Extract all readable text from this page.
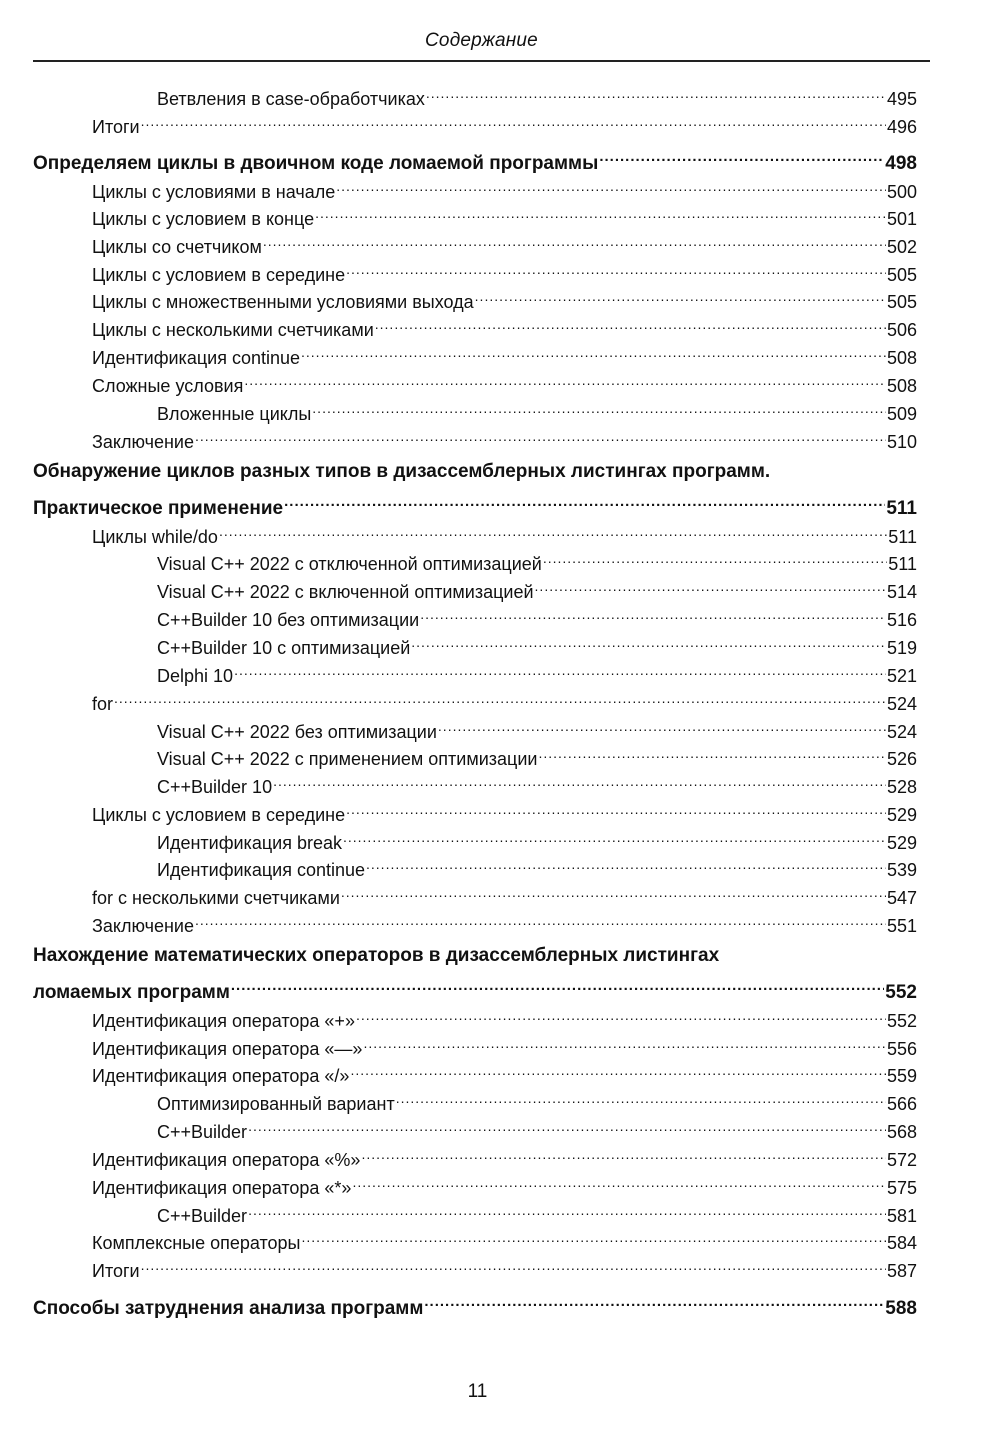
Содержание
Ветвления в case-обработчиках .....	495
Итоги .....	496
Определяем циклы в двоичном коде ломаемой программы .....	498
Циклы с условиями в начале .....	500
Циклы с условием в конце .....	501
Циклы со счетчиком .....	502
Циклы с условием в середине .....	505
Циклы с множественными условиями выхода .....	505
Циклы с несколькими счетчиками .....	506
Идентификация continue .....	508
Сложные условия .....	508
Вложенные циклы .....	509
Заключение .....	510
Обнаружение циклов разных типов в дизассемблерных листингах программ.
Практическое применение .....	511
Циклы while/do .....	511
Visual C++ 2022 с отключенной оптимизацией .....	511
Visual C++ 2022 с включенной оптимизацией .....	514
C++Builder 10 без оптимизации .....	516
C++Builder 10 с оптимизацией .....	519
Delphi 10 .....	521
for .....	524
Visual C++ 2022 без оптимизации .....	524
Visual C++ 2022 с применением оптимизации .....	526
C++Builder 10 .....	528
Циклы с условием в середине .....	529
Идентификация break .....	529
Идентификация continue .....	539
for с несколькими счетчиками .....	547
Заключение .....	551
Нахождение математических операторов в дизассемблерных листингах
ломаемых программ .....	552
Идентификация оператора «+» .....	552
Идентификация оператора «—» .....	556
Идентификация оператора «/» .....	559
Оптимизированный вариант .....	566
C++Builder .....	568
Идентификация оператора «%» .....	572
Идентификация оператора «*» .....	575
C++Builder .....	581
Комплексные операторы .....	584
Итоги .....	587
Способы затруднения анализа программ .....	588
11
